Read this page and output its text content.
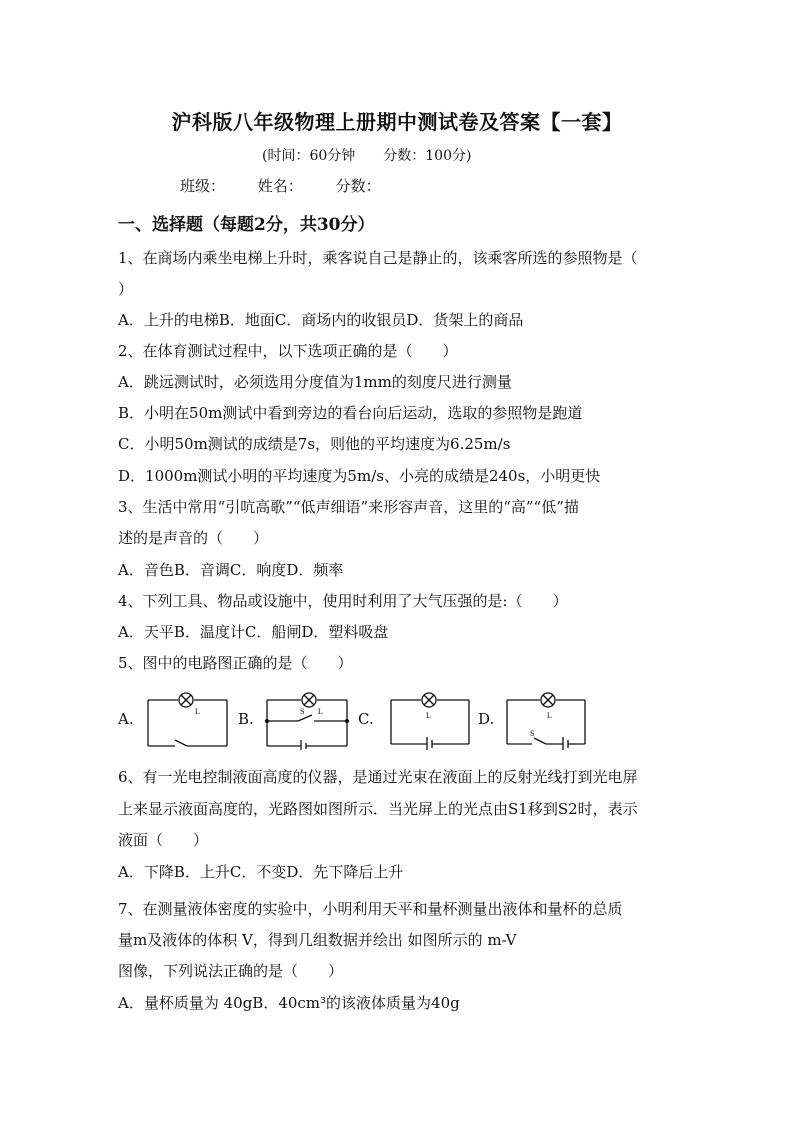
沪科版八年级物理上册期中测试卷及答案【一套】
(时间：60分钟　　分数：100分)
班级： 姓名： 分数：
一、选择题（每题2分，共30分）
1、在商场内乘坐电梯上升时，乘客说自己是静止的，该乘客所选的参照物是（
）
A．上升的电梯B．地面C．商场内的收银员D．货架上的商品
2、在体育测试过程中，以下选项正确的是（　　）
A．跳远测试时，必须选用分度值为1mm的刻度尺进行测量
B．小明在50m测试中看到旁边的看台向后运动，选取的参照物是跑道
C．小明50m测试的成绩是7s，则他的平均速度为6.25m/s
D．1000m测试小明的平均速度为5m/s、小亮的成绩是240s，小明更快
3、生活中常用“引吭高歌”“低声细语”来形容声音，这里的“高”“低”描
述的是声音的（　　）
A．音色B．音调C．响度D．频率
4、下列工具、物品或设施中，使用时利用了大气压强的是:（　　）
A．天平B．温度计C．船闸D．塑料吸盘
5、图中的电路图正确的是（　　）
A.	L	B.	S L C.	L	D.
S
L
6、有一光电控制液面高度的仪器，是通过光束在液面上的反射光线打到光电屏
上来显示液面高度的，光路图如图所示．当光屏上的光点由S1移到S2时，表示
液面（　　）
A．下降B．上升C．不变D．先下降后上升
7、在测量液体密度的实验中，小明利用天平和量杯测量出液体和量杯的总质
量m及液体的体积 V，得到几组数据并绘出 如图所示的 m-V
图像，下列说法正确的是（　　）
A．量杯质量为 40gB．40cm³的该液体质量为40g
